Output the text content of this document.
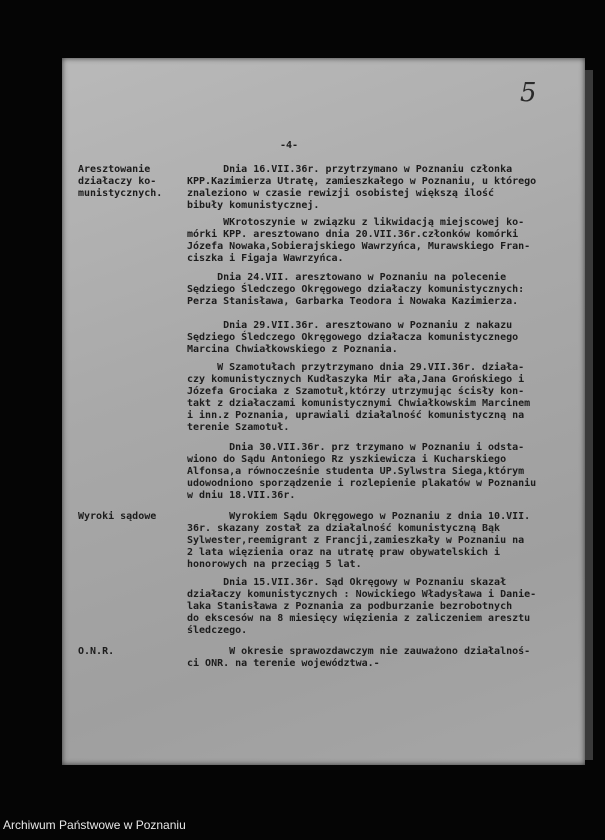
5
-4-
Aresztowanie
działaczy ko-
munistycznych.
Dnia 16.VII.36r. przytrzymano w Poznaniu członka
KPP.Kazimierza Utratę, zamieszkałego w Poznaniu, u którego
znaleziono w czasie rewizji osobistej większą ilość
bibuły komunistycznej.
WKrotoszynie w związku z likwidacją miejscowej ko-
mórki KPP. aresztowano dnia 20.VII.36r.członków komórki
Józefa Nowaka,Sobierajskiego Wawrzyńca, Murawskiego Fran-
ciszka i Figaja Wawrzyńca.
Dnia 24.VII. aresztowano w Poznaniu na polecenie
Sędziego Śledczego Okręgowego działaczy komunistycznych:
Perza Stanisława, Garbarka Teodora i Nowaka Kazimierza.
Dnia 29.VII.36r. aresztowano w Poznaniu z nakazu
Sędziego Śledczego Okręgowego działacza komunistycznego
Marcina Chwiałkowskiego z Poznania.
W Szamotułach przytrzymano dnia 29.VII.36r. działa-
czy komunistycznych Kudłaszyka Mir ała,Jana Grońskiego i
Józefa Grociaka z Szamotuł,którzy utrzymując ścisły kon-
takt z działaczami komunistycznymi Chwiałkowskim Marcinem
i inn.z Poznania, uprawiali działalność komunistyczną na
terenie Szamotuł.
Dnia 30.VII.36r. prz trzymano w Poznaniu i odsta-
wiono do Sądu Antoniego Rz yszkiewicza i Kucharskiego
Alfonsa,a równocześnie studenta UP.Sylwstra Siega,którym
udowodniono sporządzenie i rozlepienie plakatów w Poznaniu
w dniu 18.VII.36r.
Wyroki sądowe	Wyrokiem Sądu Okręgowego w Poznaniu z dnia 10.VII.
36r. skazany został za działalność komunistyczną Bąk
Sylwester,reemigrant z Francji,zamieszkały w Poznaniu na
2 lata więzienia oraz na utratę praw obywatelskich i
honorowych na przeciąg 5 lat.
Dnia 15.VII.36r. Sąd Okręgowy w Poznaniu skazał
działaczy komunistycznych : Nowickiego Władysława i Danie-
laka Stanisława z Poznania za podburzanie bezrobotnych
do ekscesów na 8 miesięcy więzienia z zaliczeniem aresztu
śledczego.
O.N.R.	W okresie sprawozdawczym nie zauważono działalnoś-
ci ONR. na terenie województwa.-
Archiwum Państwowe w Poznaniu
